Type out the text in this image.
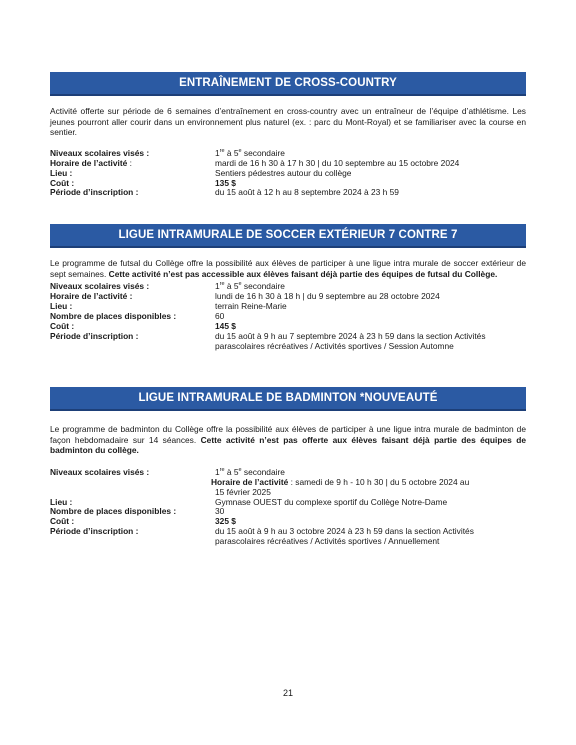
ENTRAÎNEMENT DE CROSS-COUNTRY

Activité offerte sur période de 6 semaines d’entraînement en cross-country avec un entraîneur de l’équipe d’athlétisme. Les jeunes pourront aller courir dans un environnement plus naturel (ex. : parc du Mont-Royal) et se familiariser avec la course en sentier.

Niveaux scolaires visés :	1re à 5e secondaire
Horaire de l’activité :	mardi de 16 h 30 à 17 h 30 | du 10 septembre au 15 octobre 2024
Lieu :	Sentiers pédestres autour du collège
Coût :	135 $
Période d’inscription :	du 15 août à 12 h au 8 septembre 2024 à 23 h 59
LIGUE INTRAMURALE DE SOCCER EXTÉRIEUR 7 CONTRE 7

Le programme de futsal du Collège offre la possibilité aux élèves de participer à une ligue intra murale de soccer extérieur de sept semaines. Cette activité n’est pas accessible aux élèves faisant déjà partie des équipes de futsal du Collège.

Niveaux scolaires visés :	1re à 5e secondaire
Horaire de l’activité :	lundi de 16 h 30 à 18 h | du 9 septembre au 28 octobre 2024
Lieu :	terrain Reine-Marie
Nombre de places disponibles :	60
Coût :	145 $
Période d’inscription :	du 15 août à 9 h au 7 septembre 2024 à 23 h 59 dans la section Activités
parascolaires récréatives / Activités sportives / Session Automne
LIGUE INTRAMURALE DE BADMINTON *NOUVEAUTÉ

Le programme de badminton du Collège offre la possibilité aux élèves de participer à une ligue intra murale de badminton de façon hebdomadaire sur 14 séances. Cette activité n’est pas offerte aux élèves faisant déjà partie des équipes de badminton du collège.

Niveaux scolaires visés :	1re à 5e secondaire
Horaire de l’activité : samedi de 9 h - 10 h 30 | du 5 octobre 2024 au
15 février 2025
Lieu :	Gymnase OUEST du complexe sportif du Collège Notre-Dame
Nombre de places disponibles :	30
Coût :	325 $
Période d’inscription :	du 15 août à 9 h au 3 octobre 2024 à 23 h 59 dans la section Activités
parascolaires récréatives / Activités sportives / Annuellement
21
